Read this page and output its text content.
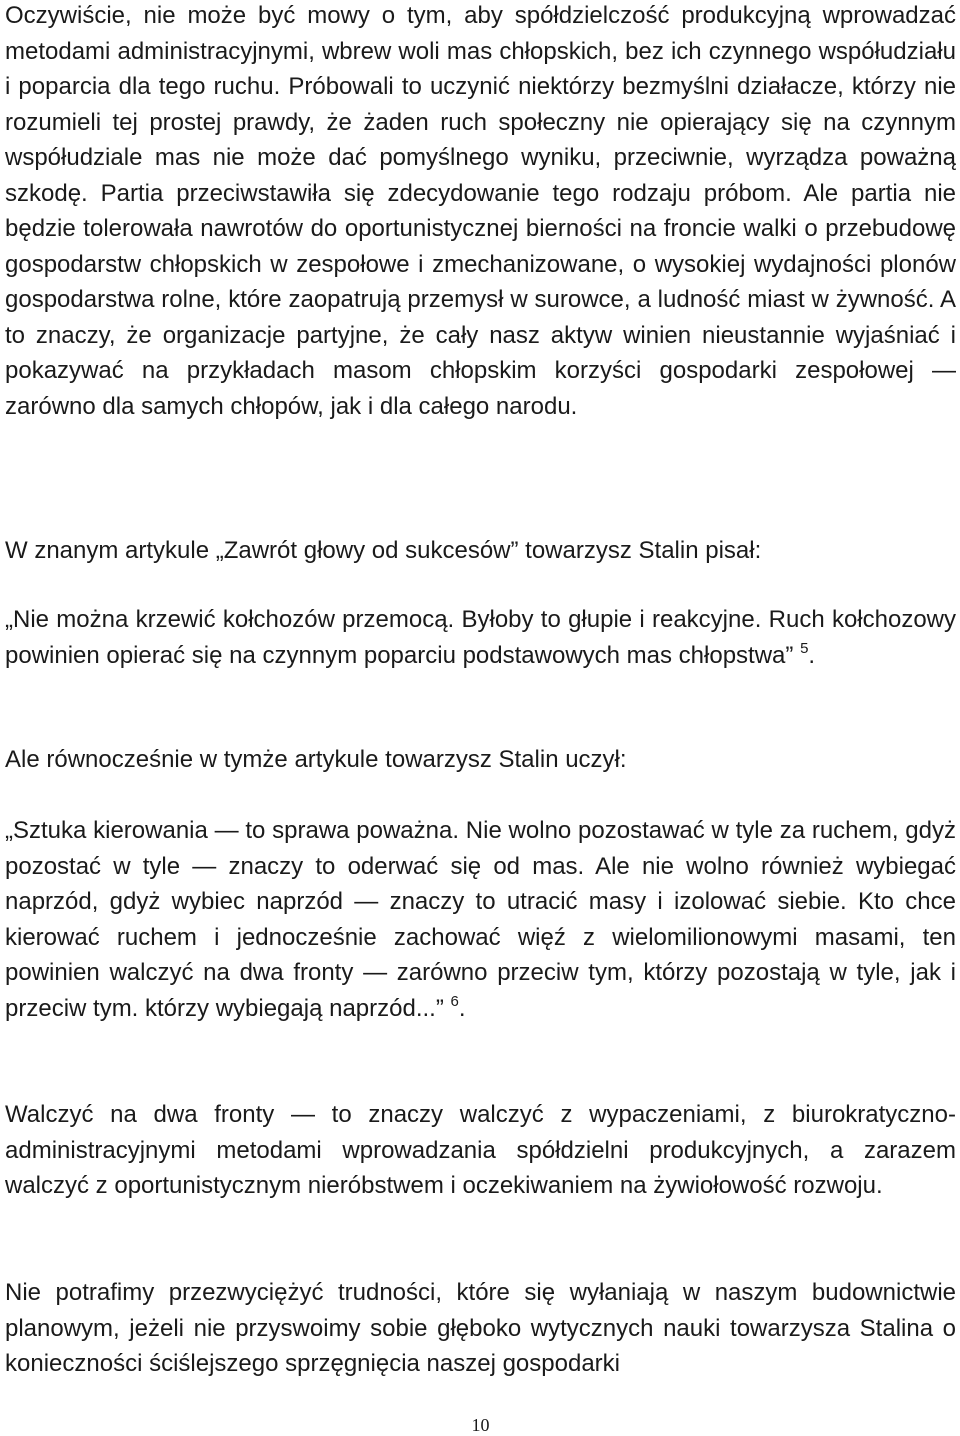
Oczywiście, nie może być mowy o tym, aby spółdzielczość produkcyjną wprowadzać metodami administracyjnymi, wbrew woli mas chłopskich, bez ich czynnego współudziału i poparcia dla tego ruchu. Próbowali to uczynić niektórzy bezmyślni działacze, którzy nie rozumieli tej prostej prawdy, że żaden ruch społeczny nie opierający się na czynnym współudziale mas nie może dać pomyślnego wyniku, przeciwnie, wyrządza poważną szkodę. Partia przeciwstawiła się zdecydowanie tego rodzaju próbom. Ale partia nie będzie tolerowała nawrotów do oportunistycznej bierności na froncie walki o przebudowę gospodarstw chłopskich w zespołowe i zmechanizowane, o wysokiej wydajności plonów gospodarstwa rolne, które zaopatrują przemysł w surowce, a ludność miast w żywność. A to znaczy, że organizacje partyjne, że cały nasz aktyw winien nieustannie wyjaśniać i pokazywać na przykładach masom chłopskim korzyści gospodarki zespołowej — zarówno dla samych chłopów, jak i dla całego narodu.

W znanym artykule „Zawrót głowy od sukcesów” towarzysz Stalin pisał:

„Nie można krzewić kołchozów przemocą. Byłoby to głupie i reakcyjne. Ruch kołchozowy powinien opierać się na czynnym poparciu podstawowych mas chłopstwa” $^5$.

Ale równocześnie w tymże artykule towarzysz Stalin uczył:

„Sztuka kierowania — to sprawa poważna. Nie wolno pozostawać w tyle za ruchem, gdyż pozostać w tyle — znaczy to oderwać się od mas. Ale nie wolno również wybiegać naprzód, gdyż wybiec naprzód — znaczy to utracić masy i izolować siebie. Kto chce kierować ruchem i jednocześnie zachować więź z wielomilionowymi masami, ten powinien walczyć na dwa fronty — zarówno przeciw tym, którzy pozostają w tyle, jak i przeciw tym. którzy wybiegają naprzód...” $^6$.

Walczyć na dwa fronty — to znaczy walczyć z wypaczeniami, z biurokratyczno-administracyjnymi metodami wprowadzania spółdzielni produkcyjnych, a zarazem walczyć z oportunistycznym nieróbstwem i oczekiwaniem na żywiołowość rozwoju.

Nie potrafimy przezwyciężyć trudności, które się wyłaniają w naszym budownictwie planowym, jeżeli nie przyswoimy sobie głęboko wytycznych nauki towarzysza Stalina o konieczności ściślejszego sprzęgnięcia naszej gospodarki

10
